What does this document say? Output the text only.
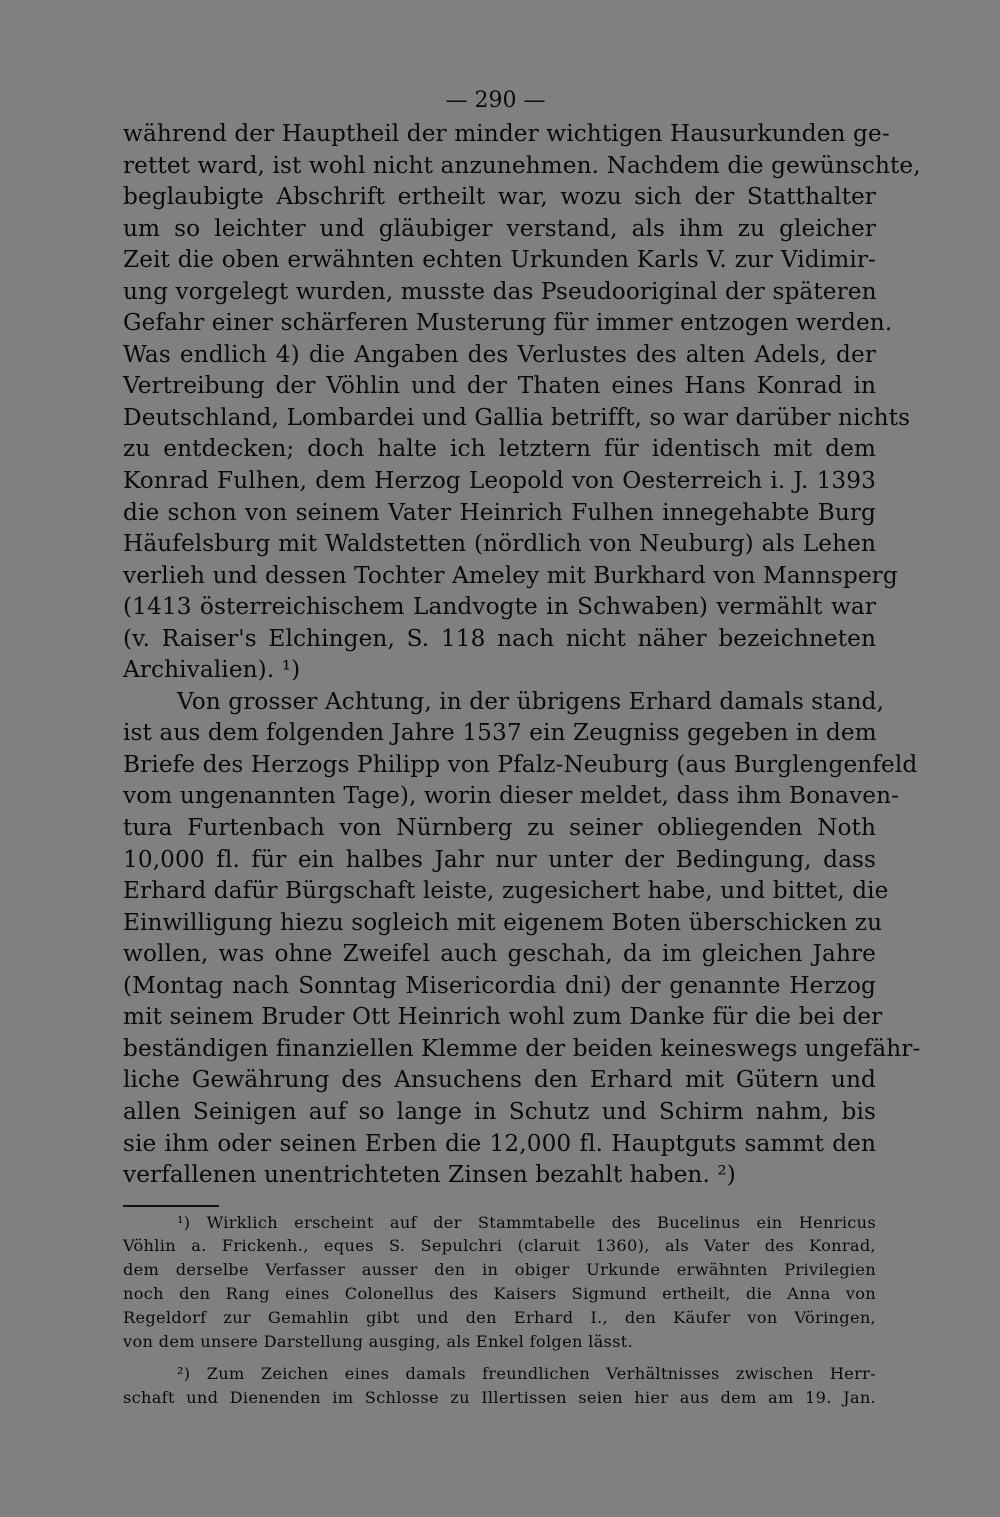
— 290 —
während der Hauptheil der minder wichtigen Hausurkunden ge-
rettet ward, ist wohl nicht anzunehmen. Nachdem die gewünschte,
beglaubigte Abschrift ertheilt war, wozu sich der Statthalter
um so leichter und gläubiger verstand, als ihm zu gleicher
Zeit die oben erwähnten echten Urkunden Karls V. zur Vidimir-
ung vorgelegt wurden, musste das Pseudooriginal der späteren
Gefahr einer schärferen Musterung für immer entzogen werden.
Was endlich 4) die Angaben des Verlustes des alten Adels, der
Vertreibung der Vöhlin und der Thaten eines Hans Konrad in
Deutschland, Lombardei und Gallia betrifft, so war darüber nichts
zu entdecken; doch halte ich letztern für identisch mit dem
Konrad Fulhen, dem Herzog Leopold von Oesterreich i. J. 1393
die schon von seinem Vater Heinrich Fulhen innegehabte Burg
Häufelsburg mit Waldstetten (nördlich von Neuburg) als Lehen
verlieh und dessen Tochter Ameley mit Burkhard von Mannsperg
(1413 österreichischem Landvogte in Schwaben) vermählt war
(v. Raiser's Elchingen, S. 118 nach nicht näher bezeichneten
Archivalien). ¹)
Von grosser Achtung, in der übrigens Erhard damals stand,
ist aus dem folgenden Jahre 1537 ein Zeugniss gegeben in dem
Briefe des Herzogs Philipp von Pfalz-Neuburg (aus Burglengenfeld
vom ungenannten Tage), worin dieser meldet, dass ihm Bonaven-
tura Furtenbach von Nürnberg zu seiner obliegenden Noth
10,000 fl. für ein halbes Jahr nur unter der Bedingung, dass
Erhard dafür Bürgschaft leiste, zugesichert habe, und bittet, die
Einwilligung hiezu sogleich mit eigenem Boten überschicken zu
wollen, was ohne Zweifel auch geschah, da im gleichen Jahre
(Montag nach Sonntag Misericordia dni) der genannte Herzog
mit seinem Bruder Ott Heinrich wohl zum Danke für die bei der
beständigen finanziellen Klemme der beiden keineswegs ungefähr-
liche Gewährung des Ansuchens den Erhard mit Gütern und
allen Seinigen auf so lange in Schutz und Schirm nahm, bis
sie ihm oder seinen Erben die 12,000 fl. Hauptguts sammt den
verfallenen unentrichteten Zinsen bezahlt haben. ²)
¹) Wirklich erscheint auf der Stammtabelle des Bucelinus ein Henricus
Vöhlin a. Frickenh., eques S. Sepulchri (claruit 1360), als Vater des Konrad,
dem derselbe Verfasser ausser den in obiger Urkunde erwähnten Privilegien
noch den Rang eines Colonellus des Kaisers Sigmund ertheilt, die Anna von
Regeldorf zur Gemahlin gibt und den Erhard I., den Käufer von Vöringen,
von dem unsere Darstellung ausging, als Enkel folgen lässt.
²) Zum Zeichen eines damals freundlichen Verhältnisses zwischen Herr-
schaft und Dienenden im Schlosse zu Illertissen seien hier aus dem am 19. Jan.
